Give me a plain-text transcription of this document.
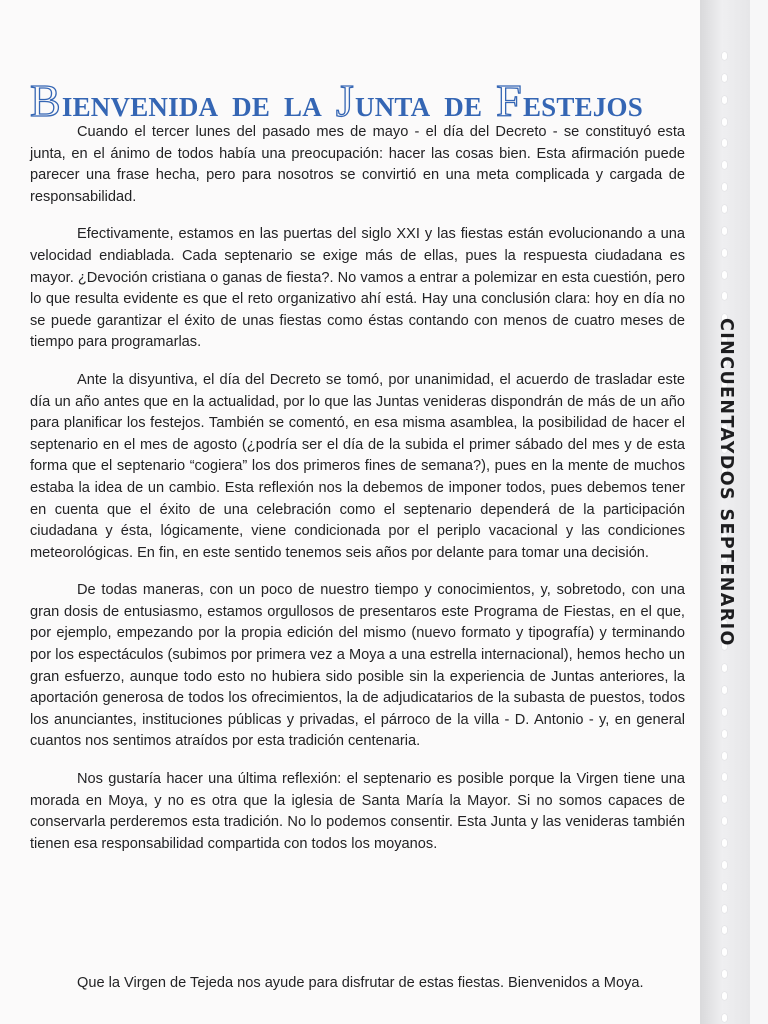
BIENVENIDA DE LA JUNTA DE FESTEJOS

Cuando el tercer lunes del pasado mes de mayo - el día del Decreto - se constituyó esta junta, en el ánimo de todos había una preocupación: hacer las cosas bien. Esta afirmación puede parecer una frase hecha, pero para nosotros se convirtió en una meta complicada y cargada de responsabilidad.

Efectivamente, estamos en las puertas del siglo XXI y las fiestas están evolucionando a una velocidad endiablada. Cada septenario se exige más de ellas, pues la respuesta ciudadana es mayor. ¿Devoción cristiana o ganas de fiesta?. No vamos a entrar a polemizar en esta cuestión, pero lo que resulta evidente es que el reto organizativo ahí está. Hay una conclusión clara: hoy en día no se puede garantizar el éxito de unas fiestas como éstas contando con menos de cuatro meses de tiempo para programarlas.

Ante la disyuntiva, el día del Decreto se tomó, por unanimidad, el acuerdo de trasladar este día un año antes que en la actualidad, por lo que las Juntas venideras dispondrán de más de un año para planificar los festejos. También se comentó, en esa misma asamblea, la posibilidad de hacer el septenario en el mes de agosto (¿podría ser el día de la subida el primer sábado del mes y de esta forma que el septenario “cogiera” los dos primeros fines de semana?), pues en la mente de muchos estaba la idea de un cambio. Esta reflexión nos la debemos de imponer todos, pues debemos tener en cuenta que el éxito de una celebración como el septenario dependerá de la participación ciudadana y ésta, lógicamente, viene condicionada por el periplo vacacional y las condiciones meteorológicas. En fin, en este sentido tenemos seis años por delante para tomar una decisión.

De todas maneras, con un poco de nuestro tiempo y conocimientos, y, sobretodo, con una gran dosis de entusiasmo, estamos orgullosos de presentaros este Programa de Fiestas, en el que, por ejemplo, empezando por la propia edición del mismo (nuevo formato y tipografía) y terminando por los espectáculos (subimos por primera vez a Moya a una estrella internacional), hemos hecho un gran esfuerzo, aunque todo esto no hubiera sido posible sin la experiencia de Juntas anteriores, la aportación generosa de todos los ofrecimientos, la de adjudicatarios de la subasta de puestos, todos los anunciantes, instituciones públicas y privadas, el párroco de la villa - D. Antonio - y, en general cuantos nos sentimos atraídos por esta tradición centenaria.

Nos gustaría hacer una última reflexión: el septenario es posible porque la Virgen tiene una morada en Moya, y no es otra que la iglesia de Santa María la Mayor. Si no somos capaces de conservarla perderemos esta tradición. No lo podemos consentir. Esta Junta y las venideras también tienen esa responsabilidad compartida con todos los moyanos.

Que la Virgen de Tejeda nos ayude para disfrutar de estas fiestas. Bienvenidos a Moya.

CINCUENTAYDOS SEPTENARIO
